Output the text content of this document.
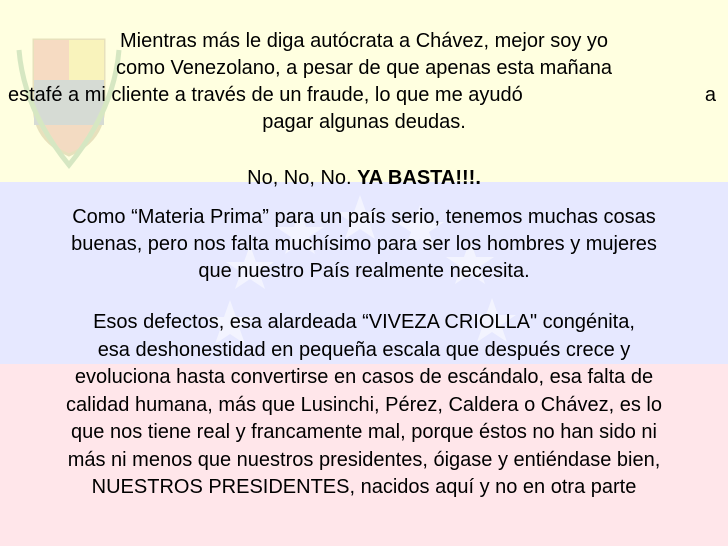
Mientras más le diga autócrata a Chávez, mejor soy yo
como Venezolano, a pesar de que apenas esta mañana
estafé a mi cliente a través de un fraude, lo que me ayudó	a
pagar algunas deudas.
No, No, No. YA BASTA!!!.
Como “Materia Prima” para un país serio, tenemos muchas cosas
buenas, pero nos falta muchísimo para ser los hombres y mujeres
que nuestro País realmente necesita.
Esos defectos, esa alardeada “VIVEZA CRIOLLA" congénita,
esa deshonestidad en pequeña escala que después crece y
evoluciona hasta convertirse en casos de escándalo, esa falta de
calidad humana, más que Lusinchi, Pérez, Caldera o Chávez, es lo
que nos tiene real y francamente mal, porque éstos no han sido ni
más ni menos que nuestros presidentes, óigase y entiéndase bien,
NUESTROS PRESIDENTES, nacidos aquí y no en otra parte
